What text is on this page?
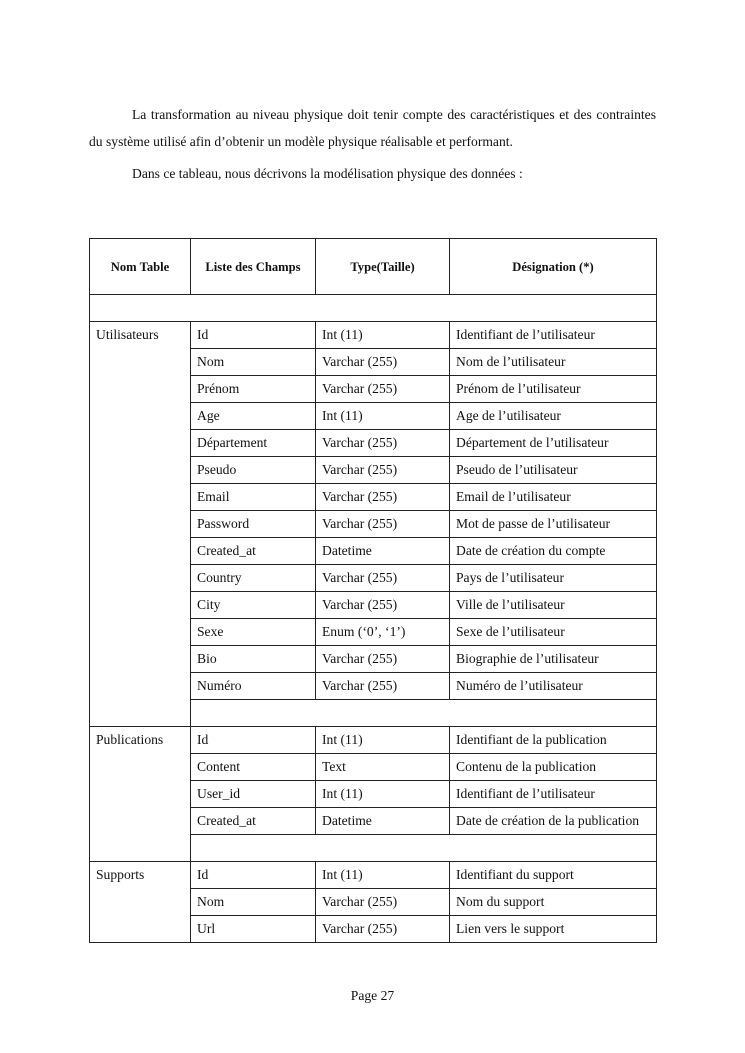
La transformation au niveau physique doit tenir compte des caractéristiques et des contraintes du système utilisé afin d’obtenir un modèle physique réalisable et performant.

Dans ce tableau, nous décrivons la modélisation physique des données :

Nom Table	Liste des Champs	Type(Taille)	Désignation (*)

Utilisateurs	Id	Int (11)	Identifiant de l’utilisateur
	Nom	Varchar (255)	Nom de l’utilisateur
	Prénom	Varchar (255)	Prénom de l’utilisateur
	Age	Int (11)	Age de l’utilisateur
	Département	Varchar (255)	Département de l’utilisateur
	Pseudo	Varchar (255)	Pseudo de l’utilisateur
	Email	Varchar (255)	Email de l’utilisateur
	Password	Varchar (255)	Mot de passe de l’utilisateur
	Created_at	Datetime	Date de création du compte
	Country	Varchar (255)	Pays de l’utilisateur
	City	Varchar (255)	Ville de l’utilisateur
	Sexe	Enum (‘0’, ‘1’)	Sexe de l’utilisateur
	Bio	Varchar (255)	Biographie de l’utilisateur
	Numéro	Varchar (255)	Numéro de l’utilisateur

Publications	Id	Int (11)	Identifiant de la publication
	Content	Text	Contenu de la publication
	User_id	Int (11)	Identifiant de l’utilisateur
	Created_at	Datetime	Date de création de la publication

Supports	Id	Int (11)	Identifiant du support
	Nom	Varchar (255)	Nom du support
	Url	Varchar (255)	Lien vers le support
Page 27
